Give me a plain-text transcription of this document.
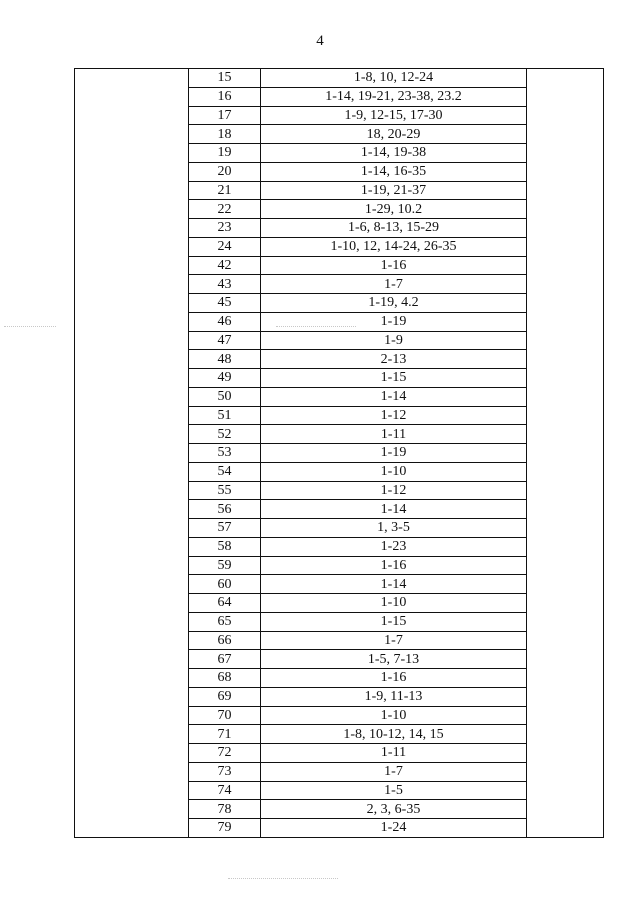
4
	15	1-8, 10, 12-24	
	16	1-14, 19-21, 23-38, 23.2	
	17	1-9, 12-15, 17-30	
	18	18, 20-29	
	19	1-14, 19-38	
	20	1-14, 16-35	
	21	1-19, 21-37	
	22	1-29, 10.2	
	23	1-6, 8-13, 15-29	
	24	1-10, 12, 14-24, 26-35	
	42	1-16	
	43	1-7	
	45	1-19, 4.2	
	46	1-19	
	47	1-9	
	48	2-13	
	49	1-15	
	50	1-14	
	51	1-12	
	52	1-11	
	53	1-19	
	54	1-10	
	55	1-12	
	56	1-14	
	57	1, 3-5	
	58	1-23	
	59	1-16	
	60	1-14	
	64	1-10	
	65	1-15	
	66	1-7	
	67	1-5, 7-13	
	68	1-16	
	69	1-9, 11-13	
	70	1-10	
	71	1-8, 10-12, 14, 15	
	72	1-11	
	73	1-7	
	74	1-5	
	78	2, 3, 6-35	
	79	1-24	
